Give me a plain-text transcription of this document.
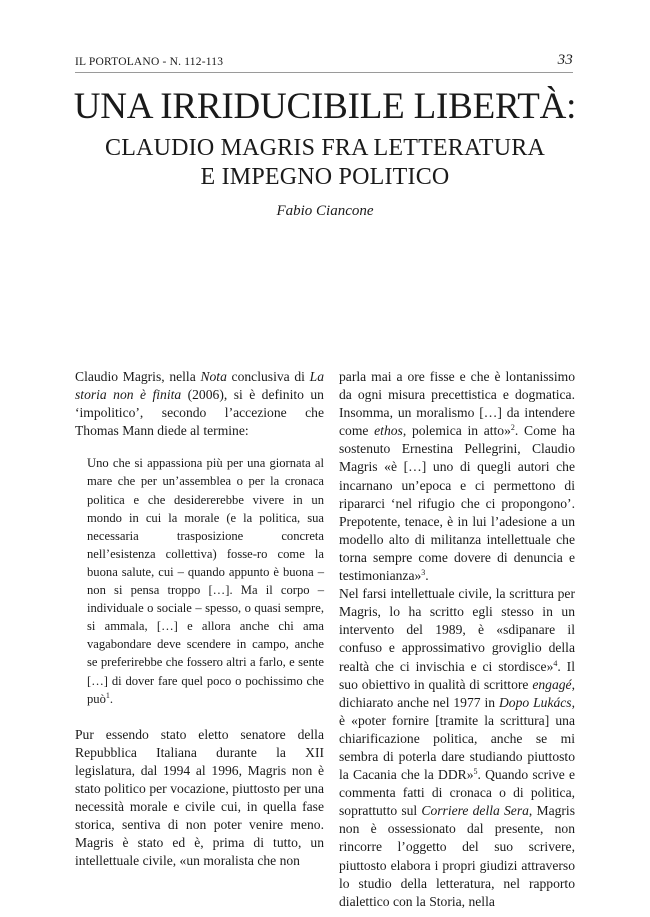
IL PORTOLANO - N. 112-113	33
UNA IRRIDUCIBILE LIBERTÀ:
CLAUDIO MAGRIS FRA LETTERATURA
E IMPEGNO POLITICO
Fabio Ciancone

Claudio Magris, nella Nota conclusiva di La storia non è finita (2006), si è definito un ‘impolitico’, secondo l’accezione che Thomas Mann diede al termine:

Uno che si appassiona più per una giornata al mare che per un’assemblea o per la cronaca politica e che desidererebbe vivere in un mondo in cui la morale (e la politica, sua necessaria trasposizione concreta nell’esistenza collettiva) fosse-ro come la buona salute, cui – quando appunto è buona – non si pensa troppo […]. Ma il corpo – individuale o sociale – spesso, o quasi sempre, si ammala, […] e allora anche chi ama vagabondare deve scendere in campo, anche se preferirebbe che fossero altri a farlo, e sente […] di dover fare quel poco o pochissimo che può$^1$.

Pur essendo stato eletto senatore della Repubblica Italiana durante la XII legislatura, dal 1994 al 1996, Magris non è stato politico per vocazione, piuttosto per una necessità morale e civile cui, in quella fase storica, sentiva di non poter venire meno. Magris è stato ed è, prima di tutto, un intellettuale civile, «un moralista che non

parla mai a ore fisse e che è lontanissimo da ogni misura precettistica e dogmatica. Insomma, un moralismo […] da intendere come ethos, polemica in atto»$^2$. Come ha sostenuto Ernestina Pellegrini, Claudio Magris «è […] uno di quegli autori che incarnano un’epoca e ci permettono di ripararci ‘nel rifugio che ci propongono’. Prepotente, tenace, è in lui l’adesione a un modello alto di militanza intellettuale che torna sempre come dovere di denuncia e testimonianza»$^3$.

Nel farsi intellettuale civile, la scrittura per Magris, lo ha scritto egli stesso in un intervento del 1989, è «sdipanare il confuso e approssimativo groviglio della realtà che ci invischia e ci stordisce»$^4$. Il suo obiettivo in qualità di scrittore engagé, dichiarato anche nel 1977 in Dopo Lukács, è «poter fornire [tramite la scrittura] una chiarificazione politica, anche se mi sembra di poterla dare studiando piuttosto la Cacania che la DDR»$^5$. Quando scrive e commenta fatti di cronaca o di politica, soprattutto sul Corriere della Sera, Magris non è ossessionato dal presente, non rincorre l’oggetto del suo scrivere, piuttosto elabora i propri giudizi attraverso lo studio della letteratura, nel rapporto dialettico con la Storia, nella
